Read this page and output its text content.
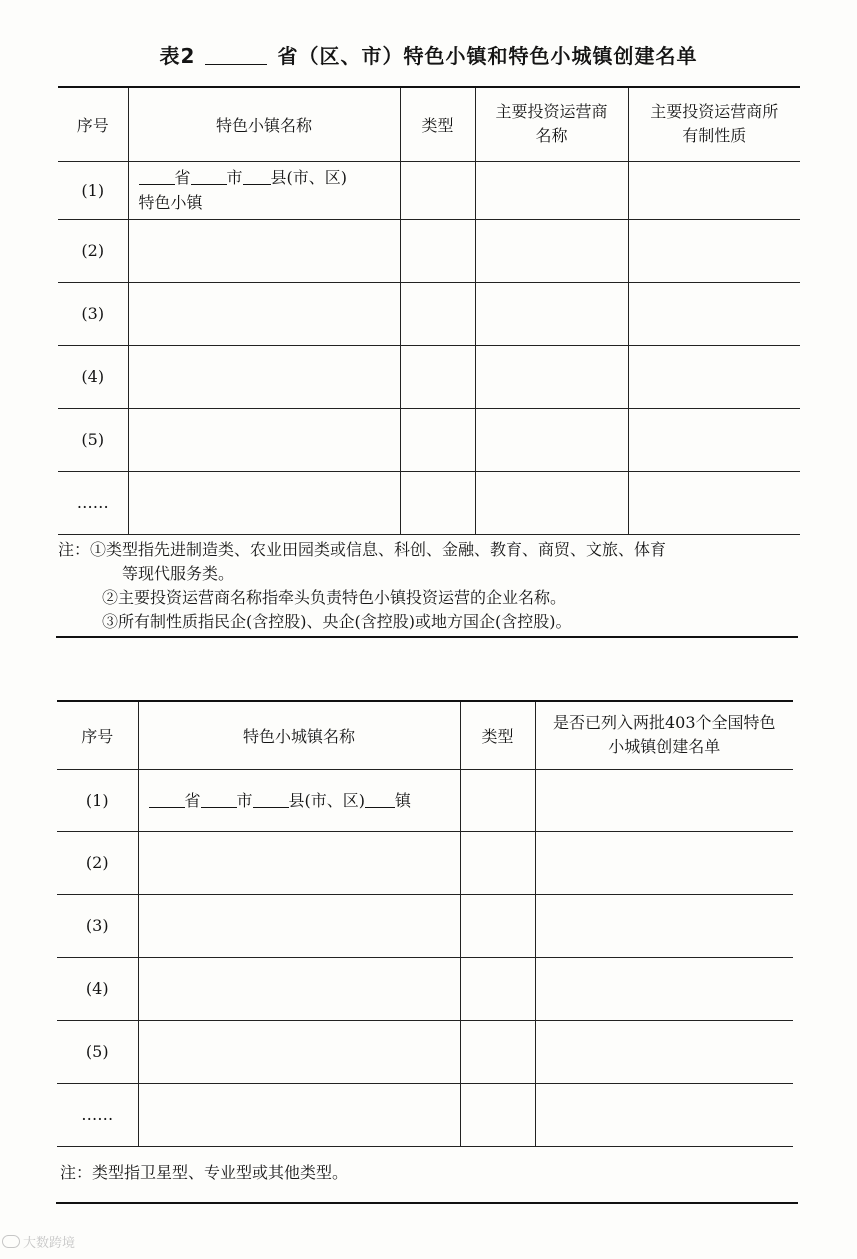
表2	省（区、市）特色小镇和特色小城镇创建名单
序号	特色小镇名称	类型	主要投资运营商名称	主要投资运营商所有制性质
(1)	省 市 县(市、区)
特色小镇			

(2)				
(3)				
(4)				
(5)				
……				
注：①类型指先进制造类、农业田园类或信息、科创、金融、教育、商贸、文旅、体育
等现代服务类。
②主要投资运营商名称指牵头负责特色小镇投资运营的企业名称。
③所有制性质指民企(含控股)、央企(含控股)或地方国企(含控股)。
序号	特色小城镇名称	类型	是否已列入两批403个全国特色小城镇创建名单
(1)	省 市 县(市、区) 镇		
(2)			
(3)			
(4)			
(5)			
……			
注：类型指卫星型、专业型或其他类型。
大数跨境
